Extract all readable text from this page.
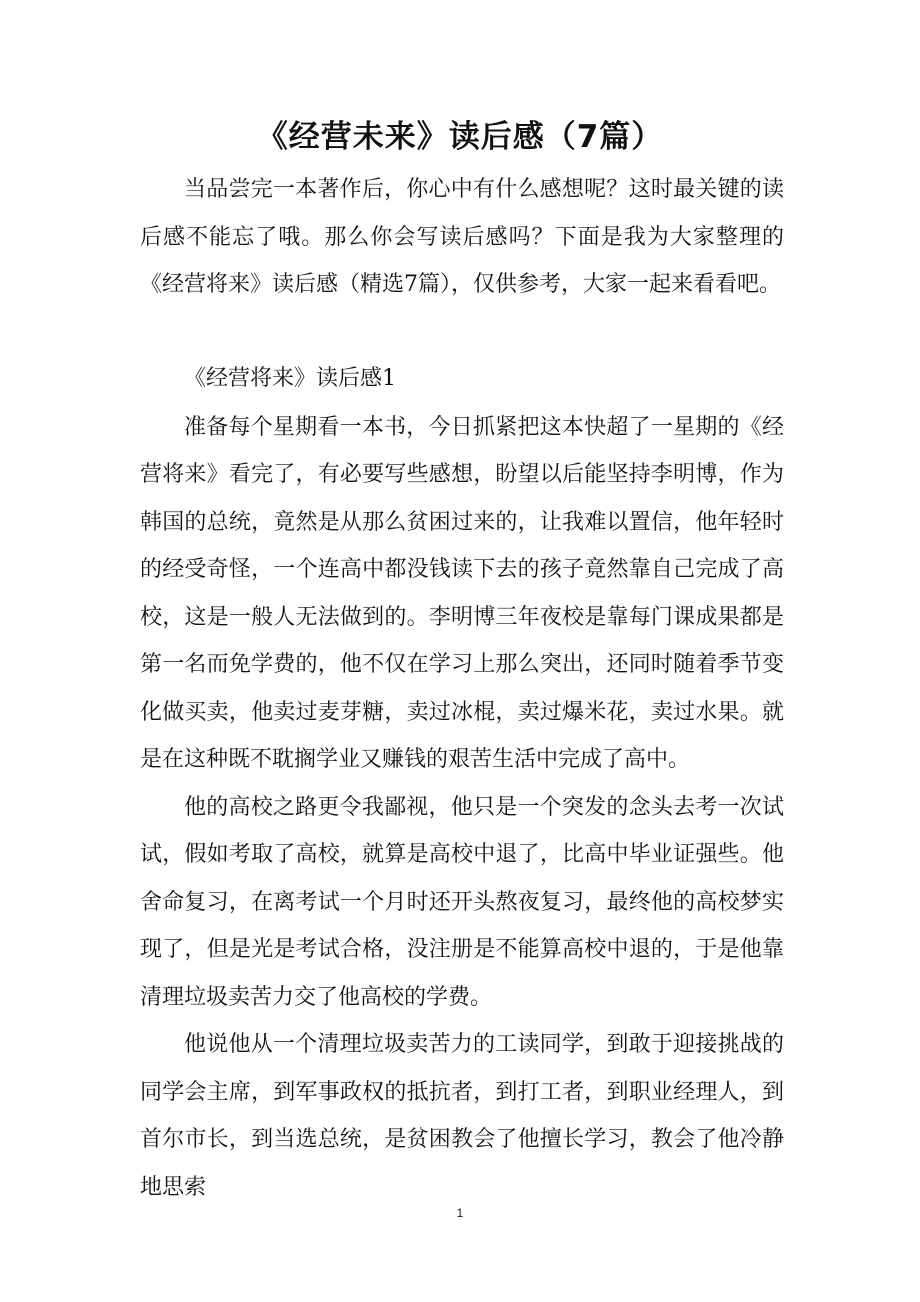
《经营未来》读后感（7篇）

当品尝完一本著作后，你心中有什么感想呢？这时最关键的读后感不能忘了哦。那么你会写读后感吗？下面是我为大家整理的《经营将来》读后感（精选7篇），仅供参考，大家一起来看看吧。

《经营将来》读后感1

准备每个星期看一本书，今日抓紧把这本快超了一星期的《经营将来》看完了，有必要写些感想，盼望以后能坚持李明博，作为韩国的总统，竟然是从那么贫困过来的，让我难以置信，他年轻时的经受奇怪，一个连高中都没钱读下去的孩子竟然靠自己完成了高校，这是一般人无法做到的。李明博三年夜校是靠每门课成果都是第一名而免学费的，他不仅在学习上那么突出，还同时随着季节变化做买卖，他卖过麦芽糖，卖过冰棍，卖过爆米花，卖过水果。就是在这种既不耽搁学业又赚钱的艰苦生活中完成了高中。

他的高校之路更令我鄙视，他只是一个突发的念头去考一次试试，假如考取了高校，就算是高校中退了，比高中毕业证强些。他舍命复习，在离考试一个月时还开头熬夜复习，最终他的高校梦实现了，但是光是考试合格，没注册是不能算高校中退的，于是他靠清理垃圾卖苦力交了他高校的学费。

他说他从一个清理垃圾卖苦力的工读同学，到敢于迎接挑战的同学会主席，到军事政权的抵抗者，到打工者，到职业经理人，到首尔市长，到当选总统，是贫困教会了他擅长学习，教会了他冷静地思索

1
